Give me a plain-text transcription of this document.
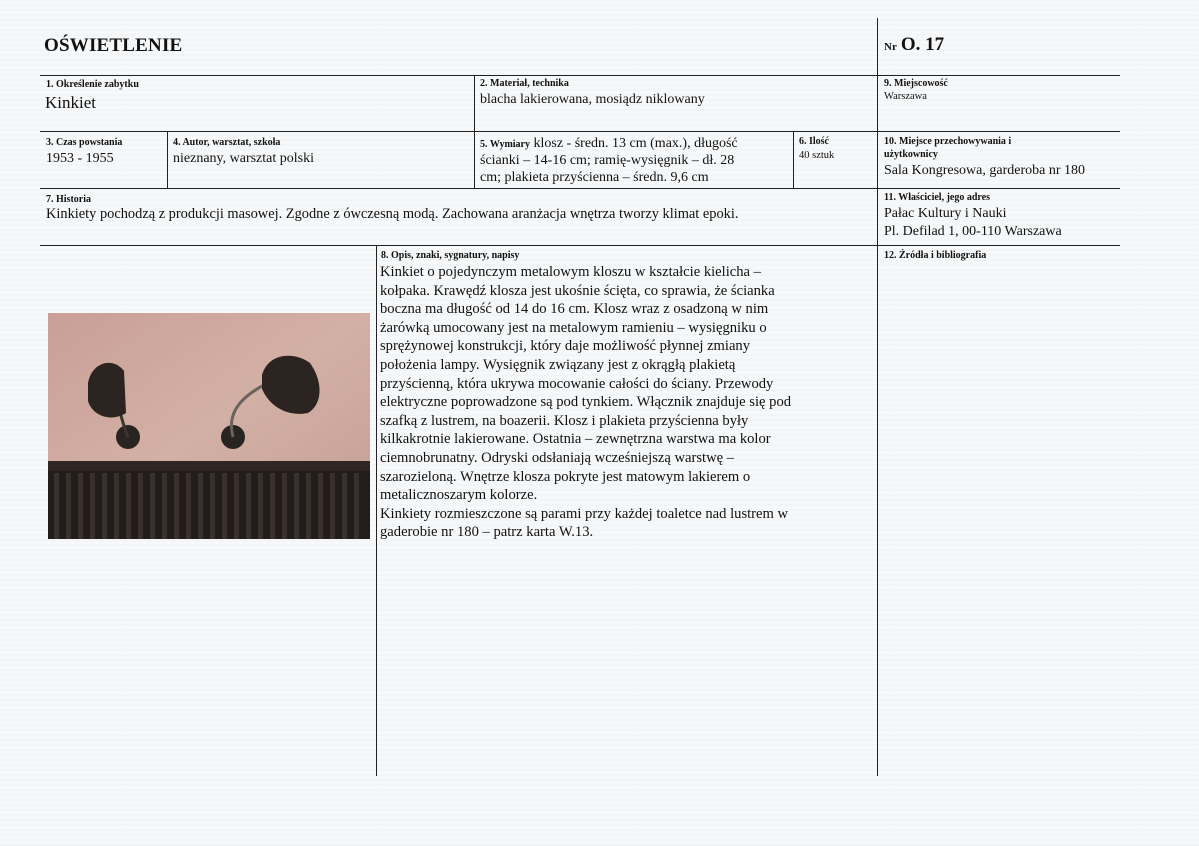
OŚWIETLENIE	Nr O. 17
1. Określenie zabytku
Kinkiet
2. Materiał, technika
blacha lakierowana, mosiądz niklowany
9. Miejscowość
Warszawa
3. Czas powstania
1953 - 1955
4. Autor, warsztat, szkoła
nieznany, warsztat polski
5. Wymiary klosz - średn. 13 cm (max.), długość
ścianki – 14-16 cm; ramię-wysięgnik – dł. 28
cm; plakieta przyścienna – średn. 9,6 cm
6. Ilość
40 sztuk
10. Miejsce przechowywania i
użytkownicy
Sala Kongresowa, garderoba nr 180
7. Historia
Kinkiety pochodzą z produkcji masowej. Zgodne z ówczesną modą. Zachowana aranżacja wnętrza tworzy klimat epoki.
11. Właściciel, jego adres
Pałac Kultury i Nauki
Pl. Defilad 1, 00-110 Warszawa
8. Opis, znaki, sygnatury, napisy
Kinkiet o pojedynczym metalowym kloszu w kształcie kielicha –
kołpaka. Krawędź klosza jest ukośnie ścięta, co sprawia, że ścianka
boczna ma długość od 14 do 16 cm. Klosz wraz z osadzoną w nim
żarówką umocowany jest na metalowym ramieniu – wysięgniku o
sprężynowej konstrukcji, który daje możliwość płynnej zmiany
położenia lampy. Wysięgnik związany jest z okrągłą plakietą
przyścienną, która ukrywa mocowanie całości do ściany. Przewody
elektryczne poprowadzone są pod tynkiem. Włącznik znajduje się pod
szafką z lustrem, na boazerii. Klosz i plakieta przyścienna były
kilkakrotnie lakierowane. Ostatnia – zewnętrzna warstwa ma kolor
ciemnobrunatny. Odryski odsłaniają wcześniejszą warstwę –
szarozieloną. Wnętrze klosza pokryte jest matowym lakierem o
metalicznoszarym kolorze.
Kinkiety rozmieszczone są parami przy każdej toaletce nad lustrem w
gaderobie nr 180 – patrz karta W.13.
12. Źródła i bibliografia
